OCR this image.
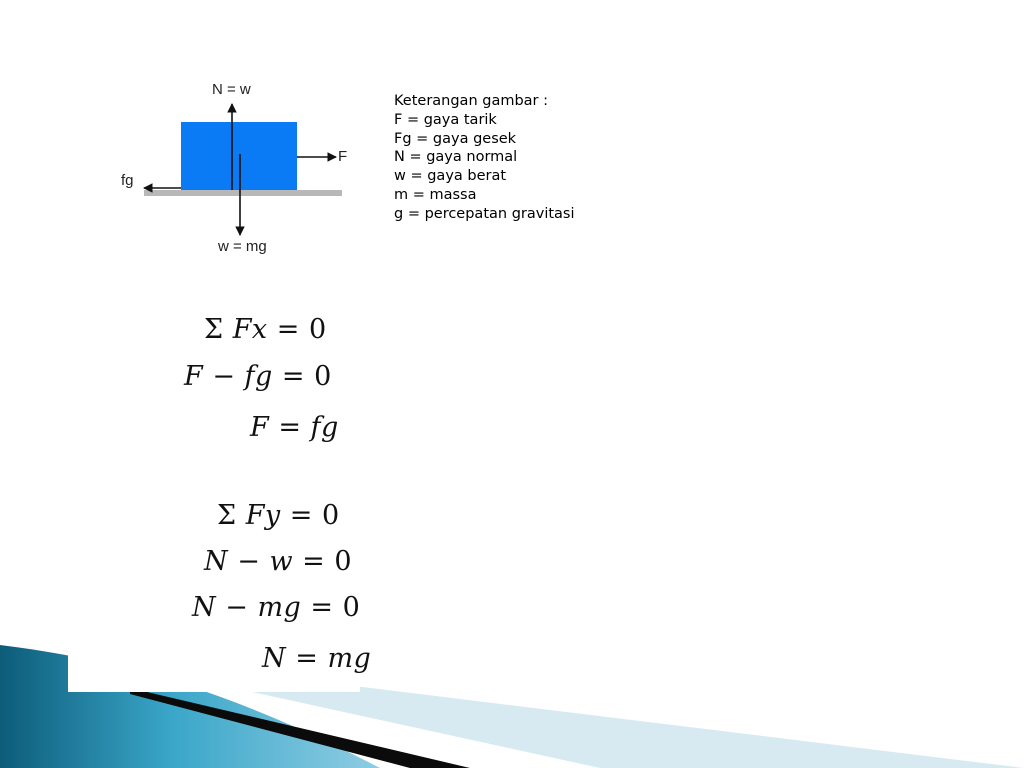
N = w
w = mg
F
fg
Keterangan gambar :
F = gaya tarik
Fg = gaya gesek
N = gaya normal
w = gaya berat
m = massa
g = percepatan gravitasi
Σ Fx = 0
F − fg = 0
F = fg
Σ Fy = 0
N − w = 0
N − mg = 0
N = mg
